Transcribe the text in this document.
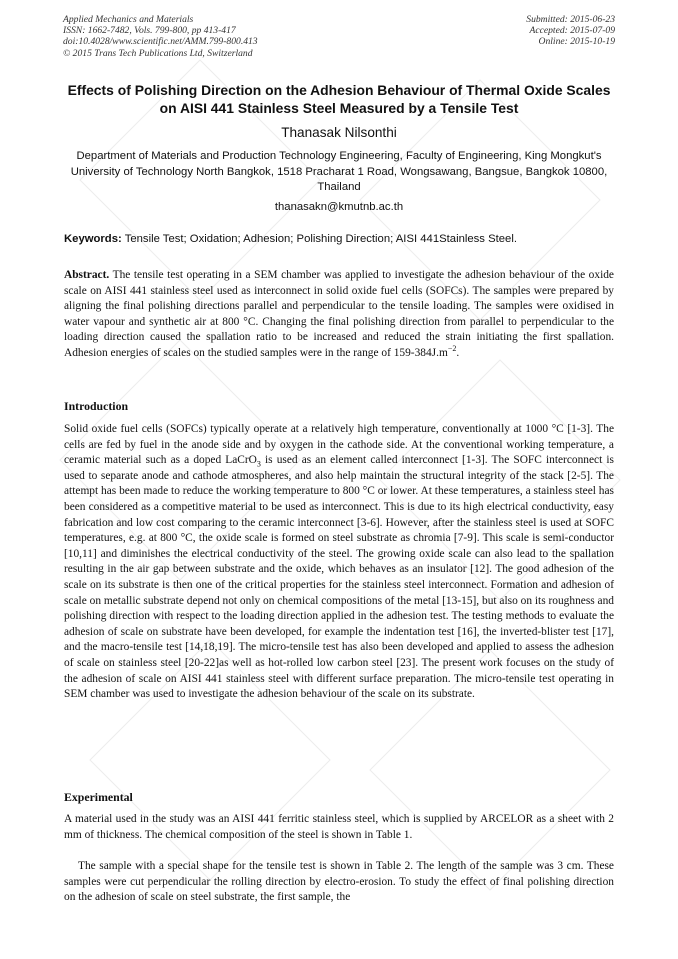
Applied Mechanics and Materials
ISSN: 1662-7482, Vols. 799-800, pp 413-417
doi:10.4028/www.scientific.net/AMM.799-800.413
© 2015 Trans Tech Publications Ltd, Switzerland
Submitted: 2015-06-23
Accepted: 2015-07-09
Online: 2015-10-19
Effects of Polishing Direction on the Adhesion Behaviour of Thermal Oxide Scales on AISI 441 Stainless Steel Measured by a Tensile Test
Thanasak Nilsonthi
Department of Materials and Production Technology Engineering, Faculty of Engineering, King Mongkut's University of Technology North Bangkok, 1518 Pracharat 1 Road, Wongsawang, Bangsue, Bangkok 10800, Thailand
thanasakn@kmutnb.ac.th
Keywords: Tensile Test; Oxidation; Adhesion; Polishing Direction; AISI 441Stainless Steel.
Abstract. The tensile test operating in a SEM chamber was applied to investigate the adhesion behaviour of the oxide scale on AISI 441 stainless steel used as interconnect in solid oxide fuel cells (SOFCs). The samples were prepared by aligning the final polishing directions parallel and perpendicular to the tensile loading. The samples were oxidised in water vapour and synthetic air at 800 °C. Changing the final polishing direction from parallel to perpendicular to the loading direction caused the spallation ratio to be increased and reduced the strain initiating the first spallation. Adhesion energies of scales on the studied samples were in the range of $159-384J.m^{-2}$.
Introduction
Solid oxide fuel cells (SOFCs) typically operate at a relatively high temperature, conventionally at 1000 °C [1-3]. The cells are fed by fuel in the anode side and by oxygen in the cathode side. At the conventional working temperature, a ceramic material such as a doped LaCrO$_3$ is used as an element called interconnect [1-3]. The SOFC interconnect is used to separate anode and cathode atmospheres, and also help maintain the structural integrity of the stack [2-5]. The attempt has been made to reduce the working temperature to 800 °C or lower. At these temperatures, a stainless steel has been considered as a competitive material to be used as interconnect. This is due to its high electrical conductivity, easy fabrication and low cost comparing to the ceramic interconnect [3-6]. However, after the stainless steel is used at SOFC temperatures, e.g. at 800 °C, the oxide scale is formed on steel substrate as chromia [7-9]. This scale is semi-conductor [10,11] and diminishes the electrical conductivity of the steel. The growing oxide scale can also lead to the spallation resulting in the air gap between substrate and the oxide, which behaves as an insulator [12]. The good adhesion of the scale on its substrate is then one of the critical properties for the stainless steel interconnect. Formation and adhesion of scale on metallic substrate depend not only on chemical compositions of the metal [13-15], but also on its roughness and polishing direction with respect to the loading direction applied in the adhesion test. The testing methods to evaluate the adhesion of scale on substrate have been developed, for example the indentation test [16], the inverted-blister test [17], and the macro-tensile test [14,18,19]. The micro-tensile test has also been developed and applied to assess the adhesion of scale on stainless steel [20-22]as well as hot-rolled low carbon steel [23]. The present work focuses on the study of the adhesion of scale on AISI 441 stainless steel with different surface preparation. The micro-tensile test operating in SEM chamber was used to investigate the adhesion behaviour of the scale on its substrate.
Experimental
A material used in the study was an AISI 441 ferritic stainless steel, which is supplied by ARCELOR as a sheet with 2 mm of thickness. The chemical composition of the steel is shown in Table 1.
The sample with a special shape for the tensile test is shown in Table 2. The length of the sample was 3 cm. These samples were cut perpendicular the rolling direction by electro-erosion. To study the effect of final polishing direction on the adhesion of scale on steel substrate, the first sample, the
